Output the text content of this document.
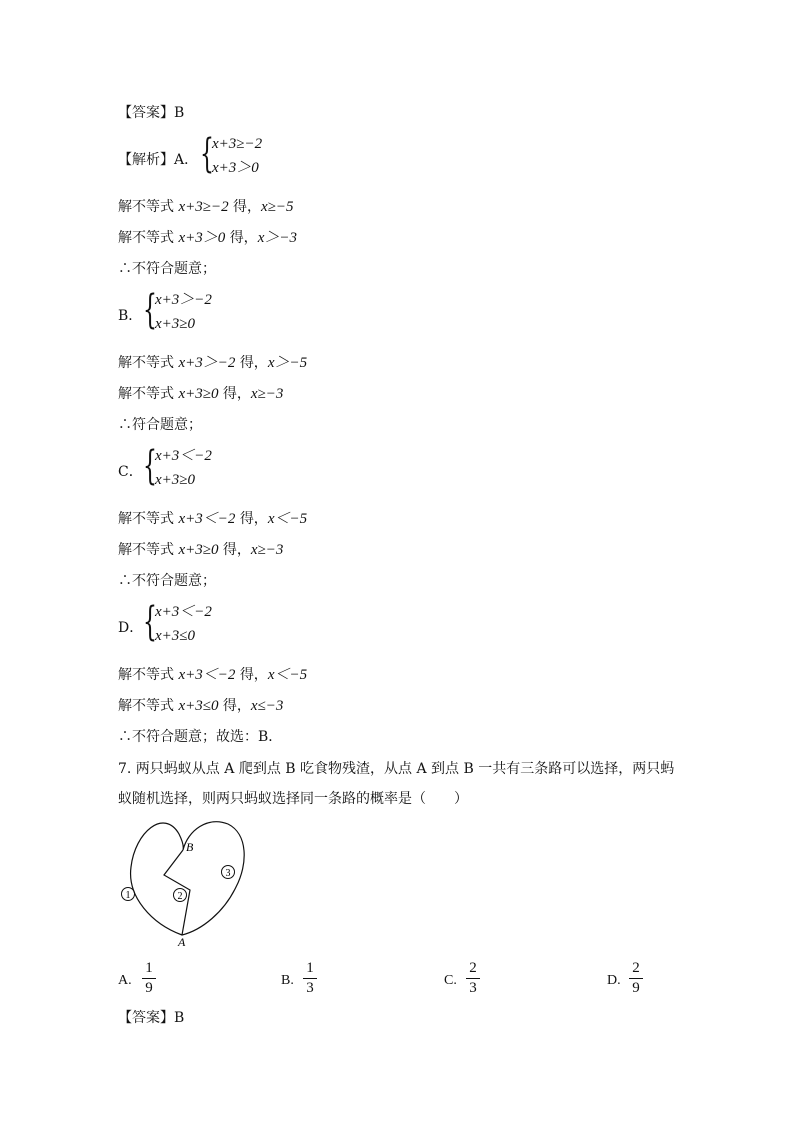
【答案】B
【解析】A． {
x+3≥−2
x+3＞0
解不等式 x+3≥−2 得，x≥−5
解不等式 x+3＞0 得，x＞−3
∴不符合题意；
B． {
x+3＞−2
x+3≥0
解不等式 x+3＞−2 得，x＞−5
解不等式 x+3≥0 得，x≥−3
∴符合题意；
C． {
x+3＜−2
x+3≥0
解不等式 x+3＜−2 得，x＜−5
解不等式 x+3≥0 得，x≥−3
∴不符合题意；
D． {
x+3＜−2
x+3≤0
解不等式 x+3＜−2 得，x＜−5
解不等式 x+3≤0 得，x≤−3
∴不符合题意；故选：B．
7. 两只蚂蚁从点 A 爬到点 B 吃食物残渣，从点 A 到点 B 一共有三条路可以选择，两只蚂
蚁随机选择，则两只蚂蚁选择同一条路的概率是（　　）
B
A
1	2
3
A.
1
9	B.
1
3	C.
2
3	D.
2
9
【答案】B
